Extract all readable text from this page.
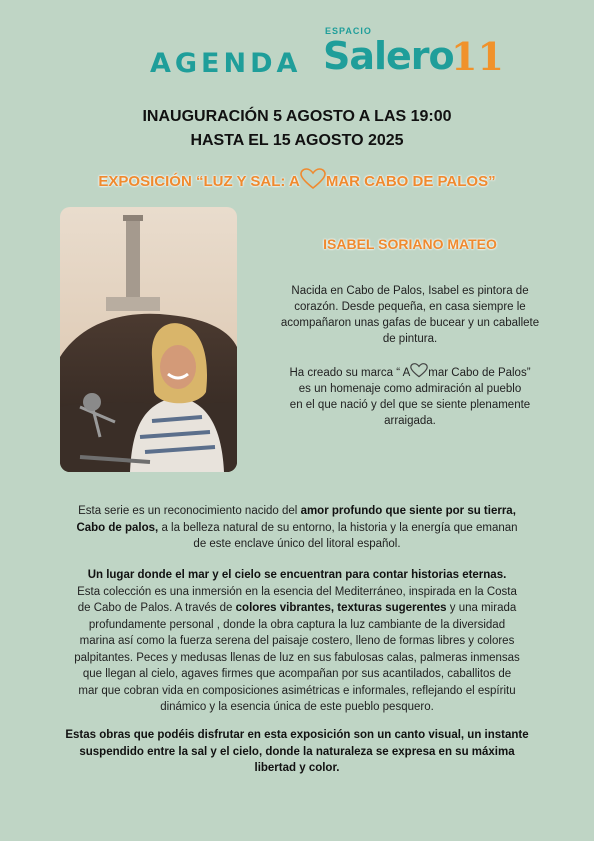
AGENDA
ESPACIO
Salero
11
INAUGURACIÓN 5 AGOSTO A LAS 19:00
HASTA EL 15 AGOSTO 2025
EXPOSICIÓN “LUZ Y SAL: A MAR CABO DE PALOS”
ISABEL SORIANO MATEO
Nacida en Cabo de Palos, Isabel es pintora de
corazón. Desde pequeña, en casa siempre le
acompañaron unas gafas de bucear y un caballete
de pintura.
Ha creado su marca “ A mar Cabo de Palos”
es un homenaje como admiración al pueblo
en el que nació y del que se siente plenamente
arraigada.
Esta serie es un reconocimiento nacido del amor profundo que siente por su tierra,
Cabo de palos, a la belleza natural de su entorno, la historia y la energía que emanan
de este enclave único del litoral español.
Un lugar donde el mar y el cielo se encuentran para contar historias eternas.
Esta colección es una inmersión en la esencia del Mediterráneo, inspirada en la Costa
de Cabo de Palos. A través de colores vibrantes, texturas sugerentes y una mirada
profundamente personal , donde la obra captura la luz cambiante de la diversidad
marina así como la fuerza serena del paisaje costero, lleno de formas libres y colores
palpitantes. Peces y medusas llenas de luz en sus fabulosas calas, palmeras inmensas
que llegan al cielo, agaves firmes que acompañan por sus acantilados, caballitos de
mar que cobran vida en composiciones asimétricas e informales, reflejando el espíritu
dinámico y la esencia única de este pueblo pesquero.
Estas obras que podéis disfrutar en esta exposición son un canto visual, un instante
suspendido entre la sal y el cielo, donde la naturaleza se expresa en su máxima
libertad y color.
